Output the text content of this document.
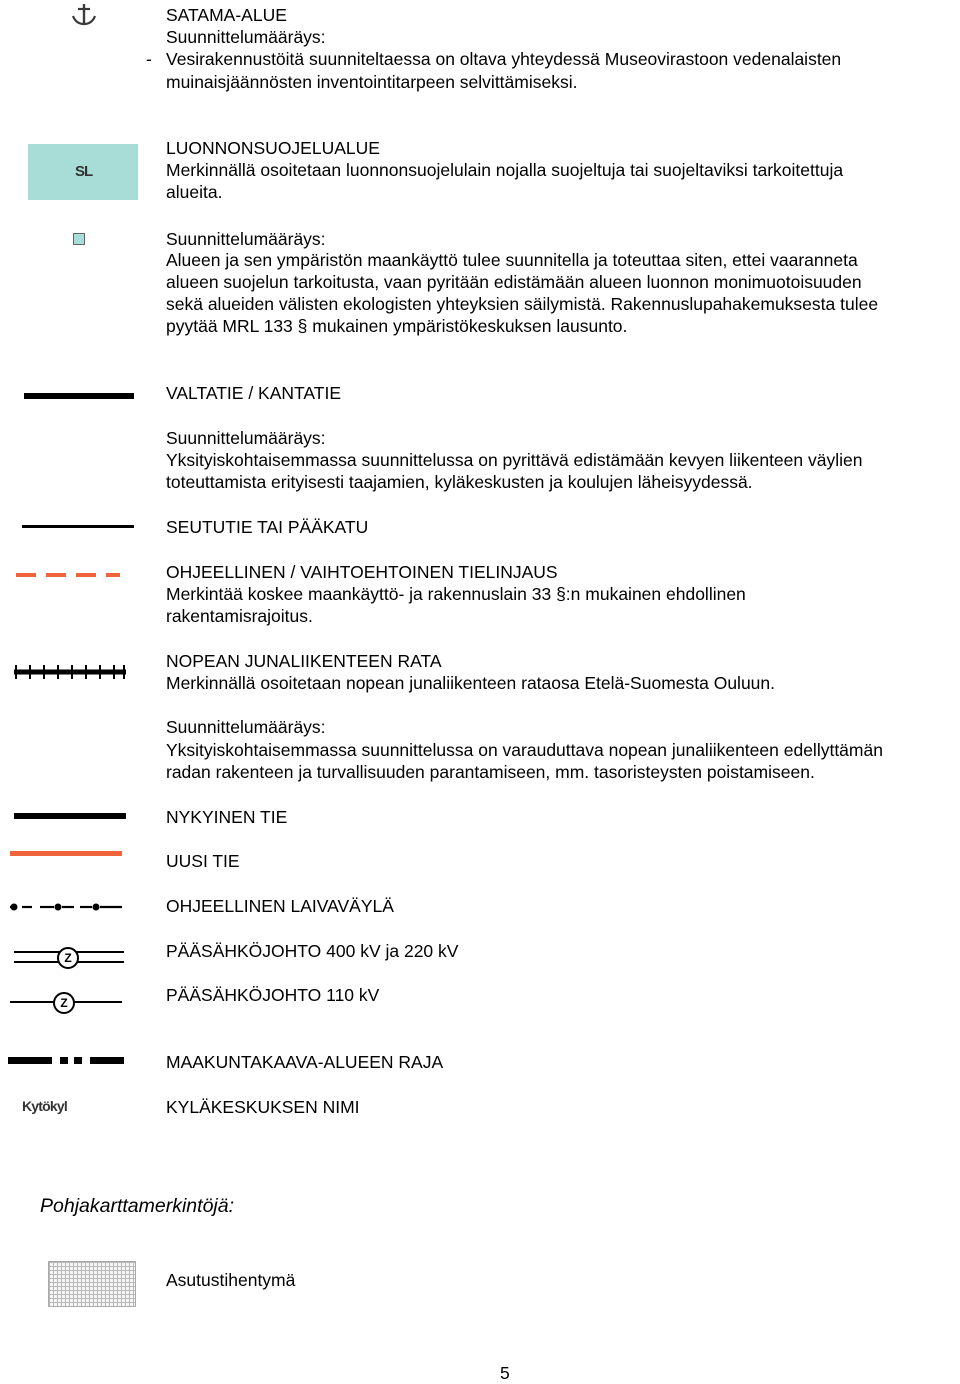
SATAMA-ALUE
Suunnittelumääräys:
- Vesirakennustöitä suunniteltaessa on oltava yhteydessä Museovirastoon vedenalaisten
muinaisjäännösten inventointitarpeen selvittämiseksi.
SL
LUONNONSUOJELUALUE
Merkinnällä osoitetaan luonnonsuojelulain nojalla suojeltuja tai suojeltaviksi tarkoitettuja
alueita.
Suunnittelumääräys:
Alueen ja sen ympäristön maankäyttö tulee suunnitella ja toteuttaa siten, ettei vaaranneta
alueen suojelun tarkoitusta, vaan pyritään edistämään alueen luonnon monimuotoisuuden
sekä alueiden välisten ekologisten yhteyksien säilymistä. Rakennuslupahakemuksesta tulee
pyytää MRL 133 § mukainen ympäristökeskuksen lausunto.
VALTATIE / KANTATIE
Suunnittelumääräys:
Yksityiskohtaisemmassa suunnittelussa on pyrittävä edistämään kevyen liikenteen väylien
toteuttamista erityisesti taajamien, kyläkeskusten ja koulujen läheisyydessä.
SEUTUTIE TAI PÄÄKATU
OHJEELLINEN / VAIHTOEHTOINEN TIELINJAUS
Merkintää koskee maankäyttö- ja rakennuslain 33 §:n mukainen ehdollinen
rakentamisrajoitus.
NOPEAN JUNALIIKENTEEN RATA
Merkinnällä osoitetaan nopean junaliikenteen rataosa Etelä-Suomesta Ouluun.
Suunnittelumääräys:
Yksityiskohtaisemmassa suunnittelussa on varauduttava nopean junaliikenteen edellyttämän
radan rakenteen ja turvallisuuden parantamiseen, mm. tasoristeysten poistamiseen.
NYKYINEN TIE
UUSI TIE
OHJEELLINEN LAIVAVÄYLÄ
Z	PÄÄSÄHKÖJOHTO 400 kV ja 220 kV
Z	PÄÄSÄHKÖJOHTO 110 kV
MAAKUNTAKAAVA-ALUEEN RAJA
Kytökyl	KYLÄKESKUKSEN NIMI
Pohjakarttamerkintöjä:
Asutustihentymä
5
